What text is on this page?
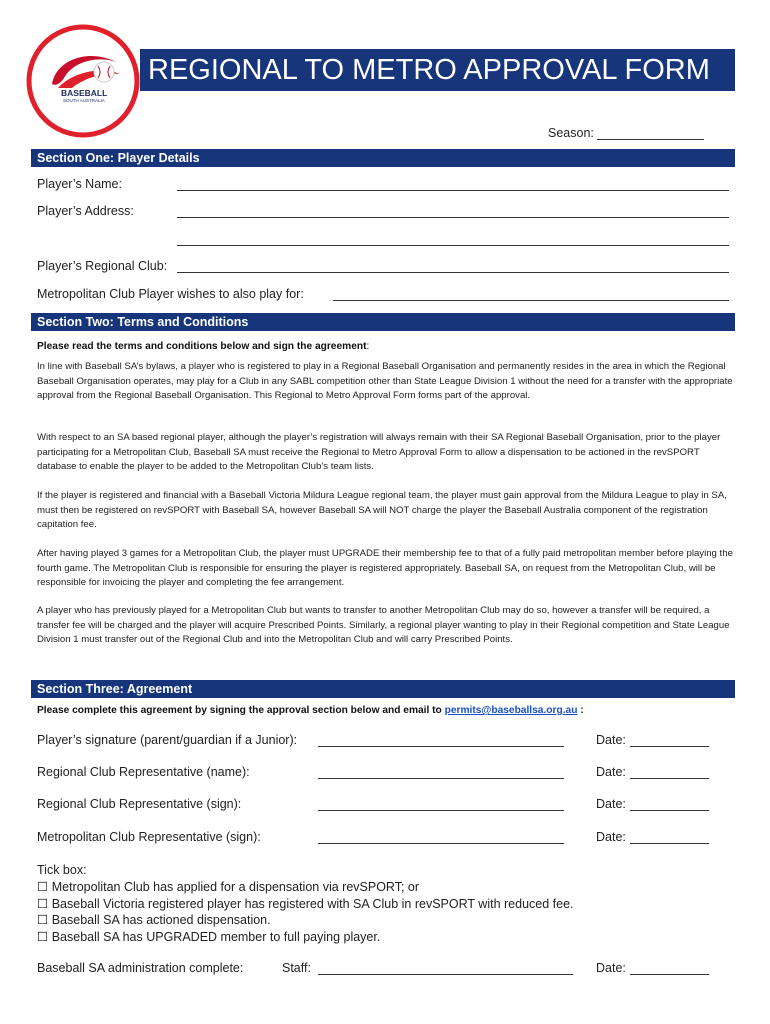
BASEBALL
SOUTH AUSTRALIA
REGIONAL TO METRO APPROVAL FORM
Season:
Section One: Player Details
Player’s Name:
Player’s Address:
Player’s Regional Club:
Metropolitan Club Player wishes to also play for:
Section Two: Terms and Conditions
Please read the terms and conditions below and sign the agreement:
In line with Baseball SA’s bylaws, a player who is registered to play in a Regional Baseball Organisation and permanently resides in the area in which the Regional Baseball Organisation operates, may play for a Club in any SABL competition other than State League Division 1 without the need for a transfer with the appropriate approval from the Regional Baseball Organisation. This Regional to Metro Approval Form forms part of the approval.
With respect to an SA based regional player, although the player’s registration will always remain with their SA Regional Baseball Organisation, prior to the player participating for a Metropolitan Club, Baseball SA must receive the Regional to Metro Approval Form to allow a dispensation to be actioned in the revSPORT database to enable the player to be added to the Metropolitan Club’s team lists.
If the player is registered and financial with a Baseball Victoria Mildura League regional team, the player must gain approval from the Mildura League to play in SA, must then be registered on revSPORT with Baseball SA, however Baseball SA will NOT charge the player the Baseball Australia component of the registration capitation fee.
After having played 3 games for a Metropolitan Club, the player must UPGRADE their membership fee to that of a fully paid metropolitan member before playing the fourth game. The Metropolitan Club is responsible for ensuring the player is registered appropriately. Baseball SA, on request from the Metropolitan Club, will be responsible for invoicing the player and completing the fee arrangement.
A player who has previously played for a Metropolitan Club but wants to transfer to another Metropolitan Club may do so, however a transfer will be required, a transfer fee will be charged and the player will acquire Prescribed Points. Similarly, a regional player wanting to play in their Regional competition and State League Division 1 must transfer out of the Regional Club and into the Metropolitan Club and will carry Prescribed Points.
Section Three: Agreement
Please complete this agreement by signing the approval section below and email to permits@baseballsa.org.au :
Player’s signature (parent/guardian if a Junior):	Date:
Regional Club Representative (name):	Date:
Regional Club Representative (sign):	Date:
Metropolitan Club Representative (sign):	Date:
Tick box:
☐ Metropolitan Club has applied for a dispensation via revSPORT; or
☐ Baseball Victoria registered player has registered with SA Club in revSPORT with reduced fee.
☐ Baseball SA has actioned dispensation.
☐ Baseball SA has UPGRADED member to full paying player.
Baseball SA administration complete:	Staff:	Date:
